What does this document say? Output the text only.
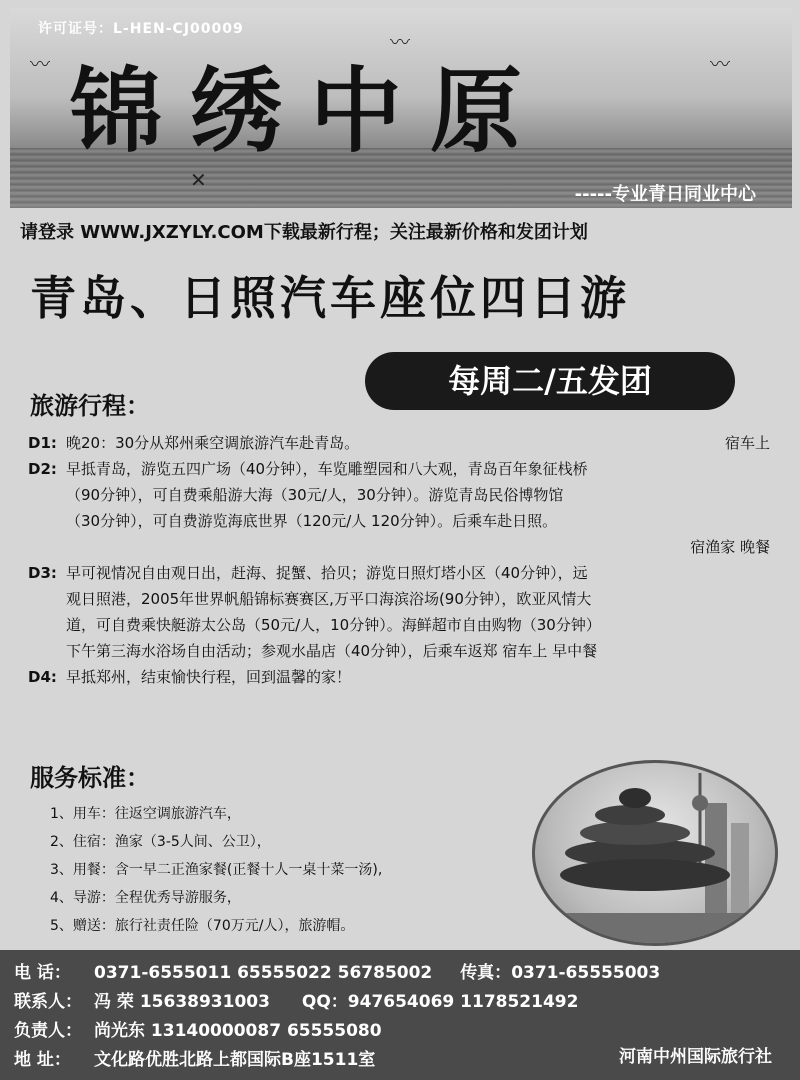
〰
〰
〰
✕
许可证号：L-HEN-CJ00009
锦绣中原
-----专业青日同业中心
请登录 WWW.JXZYLY.COM下载最新行程；关注最新价格和发团计划
青岛、日照汽车座位四日游
每周二/五发团
旅游行程：
D1: 晚20：30分从郑州乘空调旅游汽车赴青岛。	宿车上
D2: 早抵青岛，游览五四广场（40分钟），车览雕塑园和八大观，青岛百年象征栈桥
（90分钟），可自费乘船游大海（30元/人，30分钟）。游览青岛民俗博物馆
（30分钟），可自费游览海底世界（120元/人 120分钟）。后乘车赴日照。
宿渔家 晚餐
D3: 早可视情况自由观日出，赶海、捉蟹、拾贝；游览日照灯塔小区（40分钟），远
观日照港，2005年世界帆船锦标赛赛区,万平口海滨浴场(90分钟），欧亚风情大
道，可自费乘快艇游太公岛（50元/人，10分钟）。海鲜超市自由购物（30分钟）
下午第三海水浴场自由活动；参观水晶店（40分钟），后乘车返郑 宿车上 早中餐
D4: 早抵郑州，结束愉快行程，回到温馨的家！
服务标准：
1、用车：往返空调旅游汽车，
2、住宿：渔家（3-5人间、公卫），
3、用餐：含一早二正渔家餐(正餐十人一桌十菜一汤),
4、导游：全程优秀导游服务，
5、赠送：旅行社责任险（70万元/人），旅游帽。
电 话： 0371-6555011 65555022 56785002 传真：0371-65555003
联系人： 冯 荣 15638931003 QQ：947654069 1178521492
负责人： 尚光东 13140000087 65555080
地 址： 文化路优胜北路上都国际B座1511室	河南中州国际旅行社
